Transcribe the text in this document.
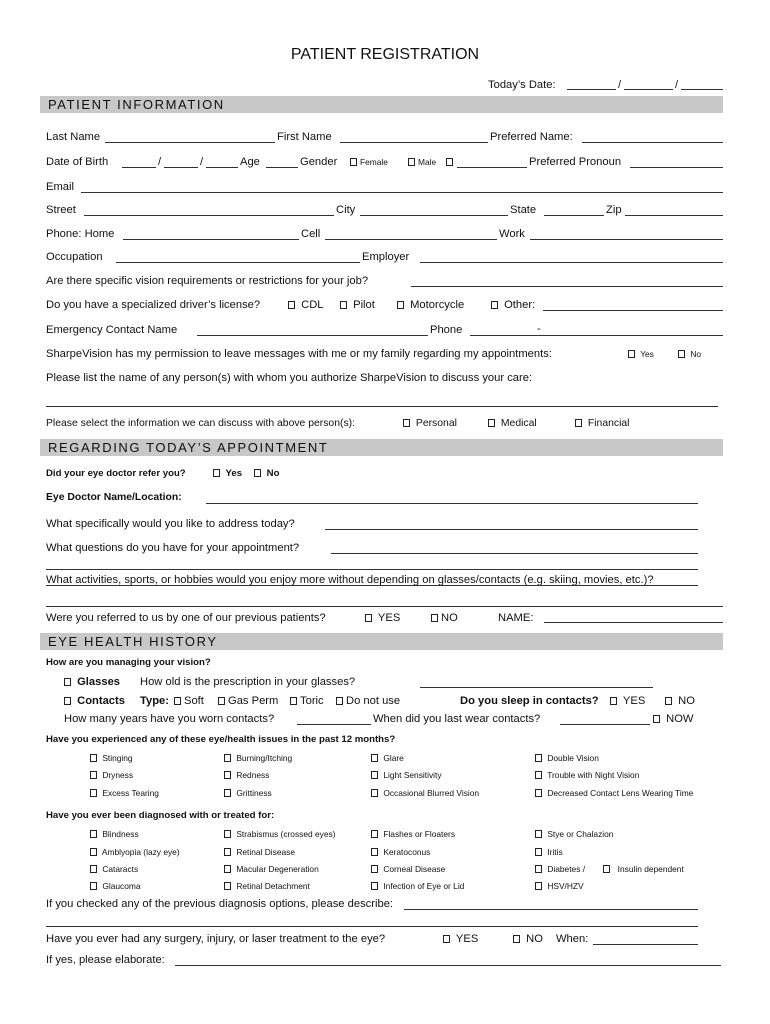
PATIENT REGISTRATION
Today’s Date:	/	/
PATIENT INFORMATION
Last Name	First Name	Preferred Name:
Date of Birth	/	/	Age	Gender	Female	Male	Preferred Pronoun
Email
Street	City	State	Zip
Phone: Home	Cell	Work
Occupation	Employer
Are there specific vision requirements or restrictions for your job?
Do you have a specialized driver’s license?	CDL	Pilot	Motorcycle	Other:
Emergency Contact Name	Phone	-
SharpeVision has my permission to leave messages with me or my family regarding my appointments:	Yes	No
Please list the name of any person(s) with whom you authorize SharpeVision to discuss your care:
Please select the information we can discuss with above person(s):	Personal	Medical	Financial
REGARDING TODAY’S APPOINTMENT
Did your eye doctor refer you?	Yes	No
Eye Doctor Name/Location:
What specifically would you like to address today?
What questions do you have for your appointment?
What activities, sports, or hobbies would you enjoy more without depending on glasses/contacts (e.g. skiing, movies, etc.)?
Were you referred to us by one of our previous patients?	YES	NO	NAME:
EYE HEALTH HISTORY
How are you managing your vision?
Glasses How old is the prescription in your glasses?
Contacts Type:	Soft	Gas Perm	Toric	Do not use	Do you sleep in contacts?	YES	NO
How many years have you worn contacts?	When did you last wear contacts?	NOW
Have you experienced any of these eye/health issues in the past 12 months?
Stinging	Burning/Itching	Glare	Double Vision
Dryness	Redness	Light Sensitivity	Trouble with Night Vision
Excess Tearing	Grittiness	Occasional Blurred Vision	Decreased Contact Lens Wearing Time
Have you ever been diagnosed with or treated for:
Blindness	Strabismus (crossed eyes)	Flashes or Floaters	Stye or Chalazion
Amblyopia (lazy eye)	Retinal Disease	Keratoconus	Iritis
Cataracts	Macular Degeneration	Corneal Disease	Diabetes /	Insulin dependent
Glaucoma	Retinal Detachment	Infection of Eye or Lid	HSV/HZV
If you checked any of the previous diagnosis options, please describe:
Have you ever had any surgery, injury, or laser treatment to the eye?	YES	NO When:
If yes, please elaborate:
